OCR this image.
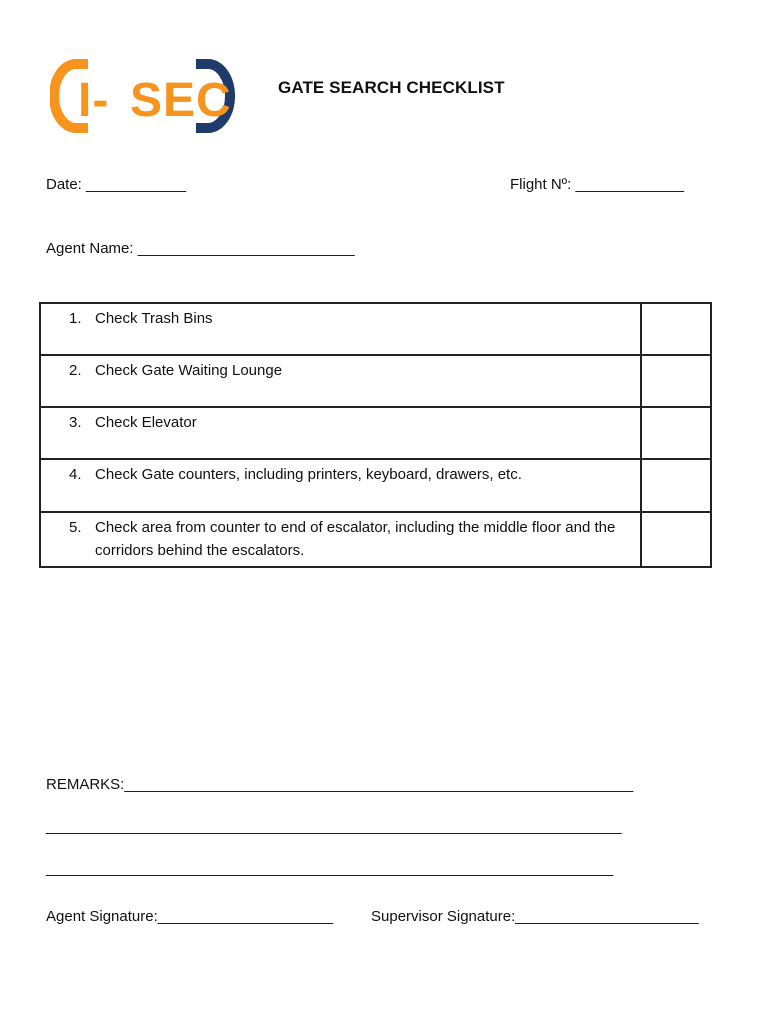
I- SEC	GATE SEARCH CHECKLIST
Date: ____________	Flight Nº: _____________
Agent Name: __________________________
1. Check Trash Bins	

2. Check Gate Waiting Lounge	

3. Check Elevator	

4. Check Gate counters, including printers, keyboard, drawers, etc.	

5. Check area from counter to end of escalator, including the middle floor and the corridors behind the escalators.	

REMARKS:_____________________________________________________________
_____________________________________________________________________
____________________________________________________________________
Agent Signature:_____________________	Supervisor Signature:______________________
